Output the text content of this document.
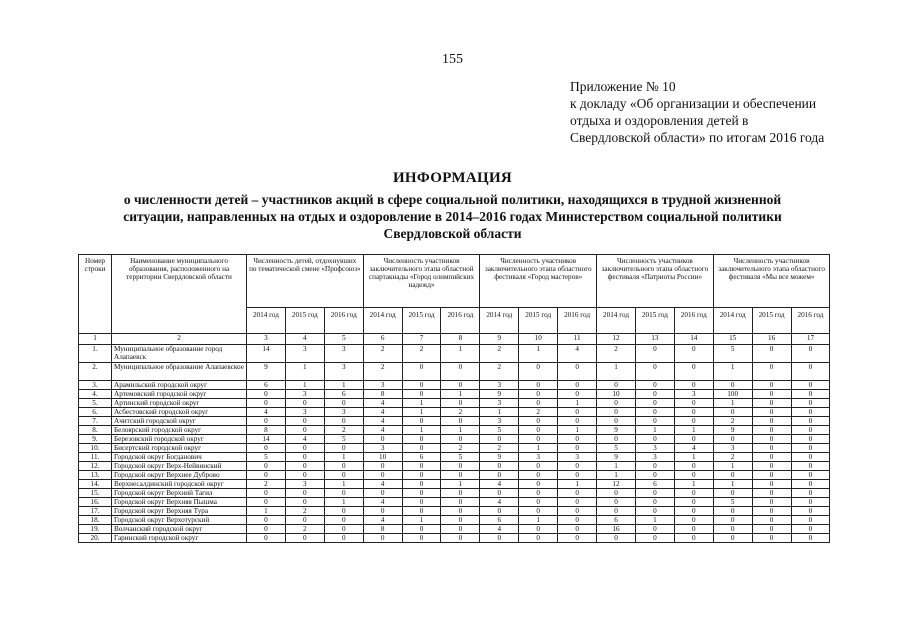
155
Приложение № 10
к докладу «Об организации и обеспечении
отдыха и оздоровления детей в
Свердловской области» по итогам 2016 года
ИНФОРМАЦИЯ
о численности детей – участников акций в сфере социальной политики, находящихся в трудной жизненной
ситуации, направленных на отдых и оздоровление в 2014–2016 годах Министерством социальной политики
Свердловской области
Номер строки	Наименование муниципального образования, расположенного на территории Свердловской области	Численность детей, отдохнувших по тематической смене «Профсоюз»			Численность участников заключительного этапа областной спартакиады «Город олимпийских надежд»			Численность участников заключительного этапа областного фестиваля «Город мастеров»			Численность участников заключительного этапа областного фестиваля «Патриоты России»			Численность участников заключительного этапа областного фестиваля «Мы все можем»		
		2014 год	2015 год	2016 год	2014 год	2015 год	2016 год	2014 год	2015 год	2016 год	2014 год	2015 год	2016 год	2014 год	2015 год	2016 год
1	2	3	4	5	6	7	8	9	10	11	12	13	14	15	16	17
1.	Муниципальное образование город Алапаевск	14	3	3	2	2	1	2	1	4	2	0	0	5	0	0
2.	Муниципальное образование Алапаевское	9	1	3	2	0	0	2	0	0	1	0	0	1	0	0
3.	Арамильский городской округ	6	1	1	3	0	0	3	0	0	0	0	0	0	0	0
4.	Артемовский городской округ	0	3	6	8	0	1	9	0	0	10	0	3	100	0	0
5.	Артинский городской округ	0	0	0	4	1	0	3	0	1	0	0	0	1	0	0
6.	Асбестовский городской округ	4	3	3	4	1	2	1	2	0	0	0	0	0	0	0
7.	Ачитский городской округ	0	0	0	4	0	0	3	0	0	0	0	0	2	0	0
8.	Белоярский городской округ	8	0	2	4	1	1	5	0	1	9	1	1	9	0	0
9.	Березовский городской округ	14	4	5	0	0	0	0	0	0	0	0	0	0	0	0
10.	Бисертский городской округ	0	0	0	3	0	2	2	1	0	5	3	4	3	0	0
11.	Городской округ Богданович	5	0	1	10	6	5	9	3	3	9	3	1	2	0	0
12.	Городской округ Верх-Нейвинский	0	0	0	0	0	0	0	0	0	1	0	0	1	0	0
13.	Городской округ Верхнее Дуброво	0	0	0	0	0	0	0	0	0	1	0	0	0	0	0
14.	Верхнесалдинский городской округ	2	3	1	4	0	1	4	0	1	12	6	1	1	0	0
15.	Городской округ Верхний Тагил	0	0	0	0	0	0	0	0	0	0	0	0	0	0	0
16.	Городской округ Верхняя Пышма	0	0	1	4	0	0	4	0	0	0	0	0	5	0	0
17.	Городской округ Верхняя Тура	1	2	0	0	0	0	0	0	0	0	0	0	0	0	0
18.	Городской округ Верхотурский	0	0	0	4	1	0	6	1	0	6	1	0	0	0	0
19.	Волчанский городской округ	0	2	0	8	0	0	4	0	0	16	0	0	0	0	0
20.	Гаринский городской округ	0	0	0	0	0	0	0	0	0	0	0	0	0	0	0
